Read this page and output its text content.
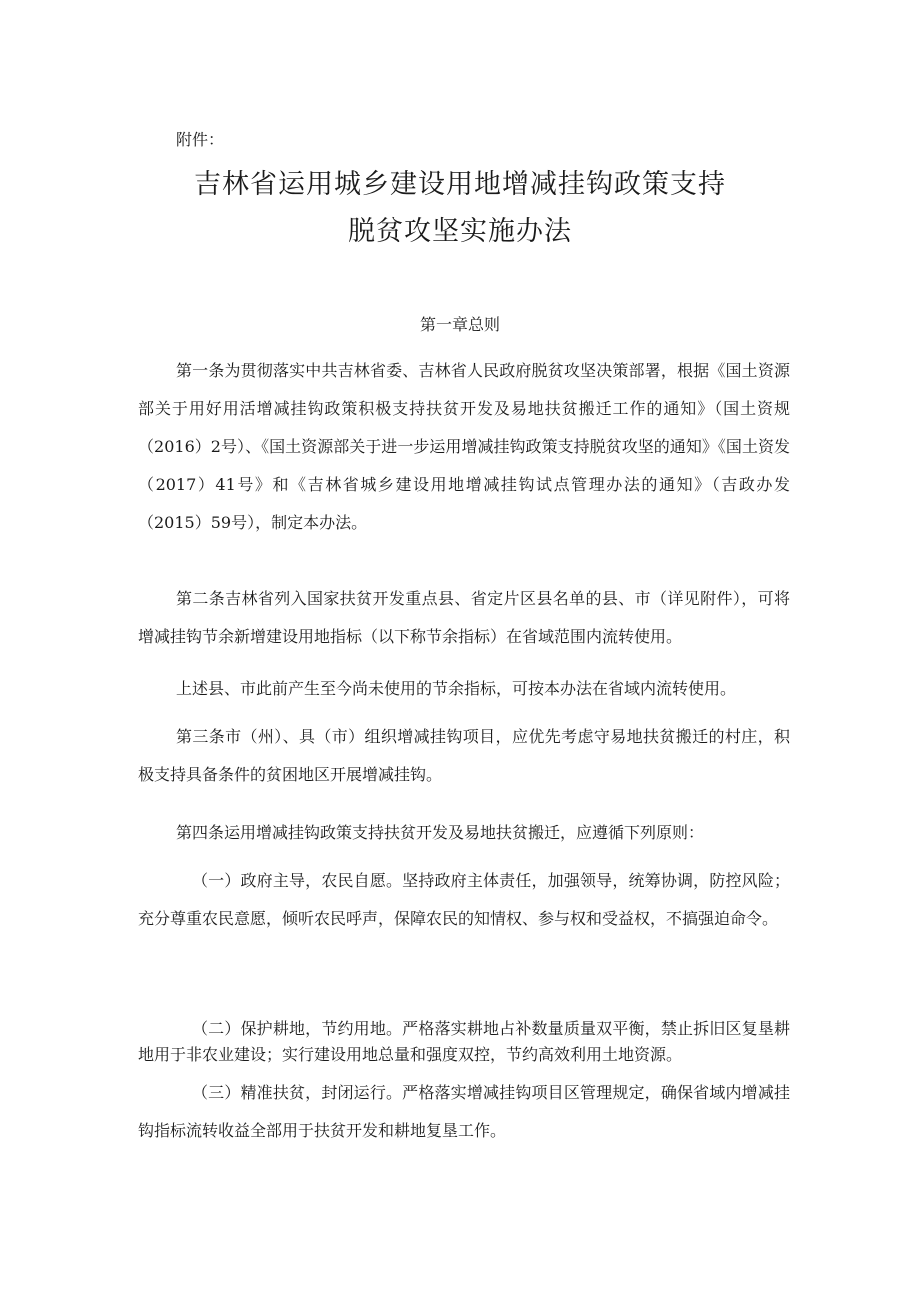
附件：
吉林省运用城乡建设用地增减挂钩政策支持
脱贫攻坚实施办法
第一章总则

第一条为贯彻落实中共吉林省委、吉林省人民政府脱贫攻坚决策部署，根据《国土资源部关于用好用活增减挂钩政策积极支持扶贫开发及易地扶贫搬迁工作的通知》（国土资规（2016）2号）、《国土资源部关于进一步运用增减挂钩政策支持脱贫攻坚的通知》《国土资发（2017）41号》和《吉林省城乡建设用地增减挂钩试点管理办法的通知》（吉政办发（2015）59号），制定本办法。

第二条吉林省列入国家扶贫开发重点县、省定片区县名单的县、市（详见附件），可将增减挂钩节余新增建设用地指标（以下称节余指标）在省域范围内流转使用。

上述县、市此前产生至今尚未使用的节余指标，可按本办法在省域内流转使用。

第三条市（州）、具（市）组织增减挂钩项目，应优先考虑守易地扶贫搬迁的村庄，积极支持具备条件的贫困地区开展增减挂钩。

第四条运用增减挂钩政策支持扶贫开发及易地扶贫搬迁，应遵循下列原则：

（一）政府主导，农民自愿。坚持政府主体责任，加强领导，统筹协调，防控风险；充分尊重农民意愿，倾听农民呼声，保障农民的知情权、参与权和受益权，不搞强迫命令。

（二）保护耕地，节约用地。严格落实耕地占补数量质量双平衡，禁止拆旧区复垦耕地用于非农业建设；实行建设用地总量和强度双控，节约高效利用土地资源。

（三）精准扶贫，封闭运行。严格落实增减挂钩项目区管理规定，确保省域内增减挂钩指标流转收益全部用于扶贫开发和耕地复垦工作。
